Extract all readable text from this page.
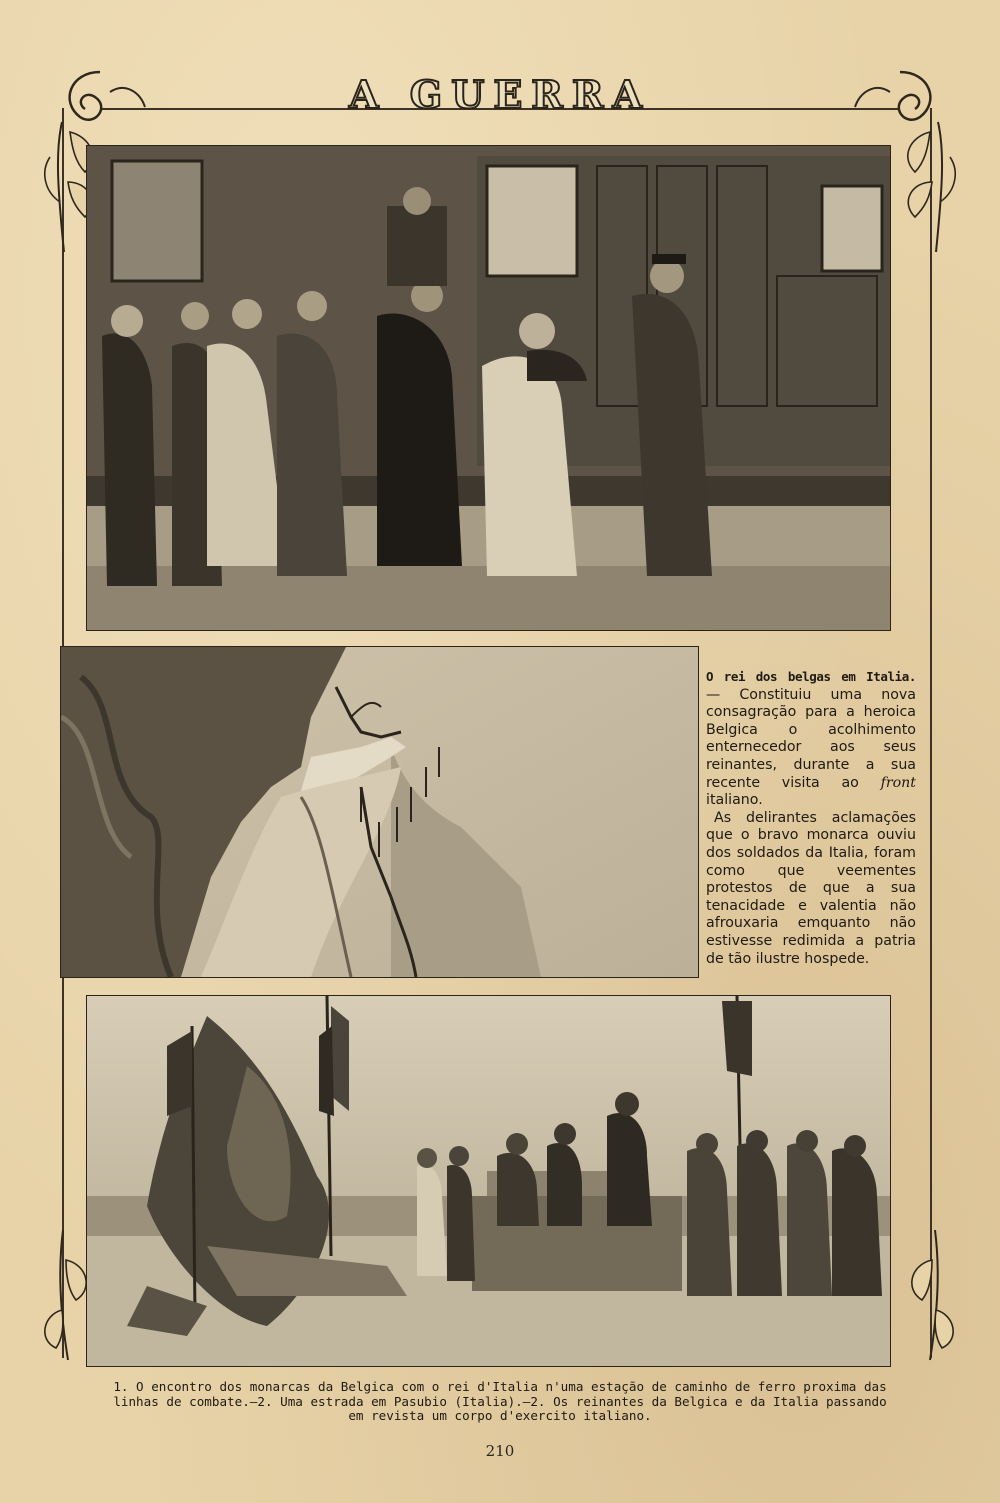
A GUERRA

O rei dos belgas em Italia. — Constituiu uma nova consagração para a heroica Belgica o acolhimento enternecedor aos seus reinantes, durante a sua recente visita ao front italiano.

As delirantes aclamações que o bravo monarca ouviu dos soldados da Italia, foram como que veementes protestos de que a sua tenacidade e valentia não afrouxaria emquanto não estivesse redimida a patria de tão ilustre hospede.

1. O encontro dos monarcas da Belgica com o rei d'Italia n'uma estação de caminho de ferro proxima das
linhas de combate.—2. Uma estrada em Pasubio (Italia).—2. Os reinantes da Belgica e da Italia passando
em revista um corpo d'exercito italiano.
210
